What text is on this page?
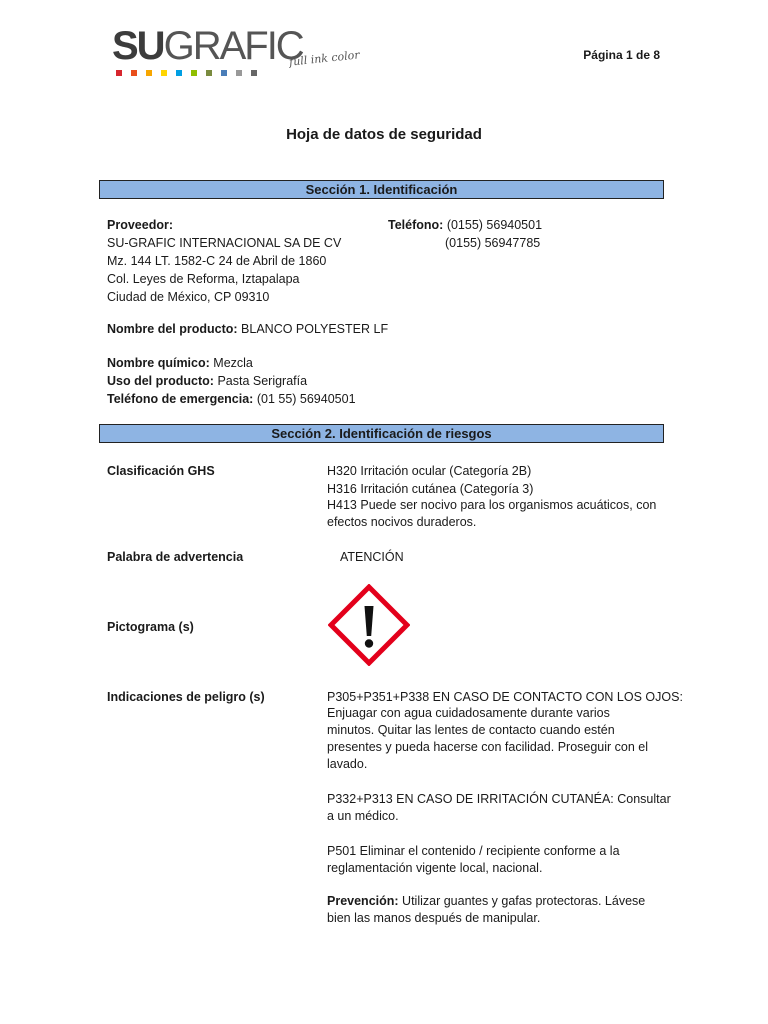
SUGRAFIC
full ink color	Página 1 de 8
Hoja de datos de seguridad
Sección 1. Identificación
Proveedor:
SU-GRAFIC INTERNACIONAL SA DE CV
Mz. 144 LT. 1582-C 24 de Abril de 1860
Col. Leyes de Reforma, Iztapalapa
Ciudad de México, CP 09310
Teléfono: (0155) 56940501
(0155) 56947785
Nombre del producto: BLANCO POLYESTER LF
Nombre químico: Mezcla
Uso del producto: Pasta Serigrafía
Teléfono de emergencia: (01 55) 56940501
Sección 2. Identificación de riesgos
Clasificación GHS	H320 Irritación ocular (Categoría 2B)
H316 Irritación cutánea (Categoría 3)
H413 Puede ser nocivo para los organismos acuáticos, con
efectos nocivos duraderos.
Palabra de advertencia	ATENCIÓN
Pictograma (s)
Indicaciones de peligro (s)	P305+P351+P338 EN CASO DE CONTACTO CON LOS OJOS:
Enjuagar con agua cuidadosamente durante varios
minutos. Quitar las lentes de contacto cuando estén
presentes y pueda hacerse con facilidad. Proseguir con el
lavado.
P332+P313 EN CASO DE IRRITACIÓN CUTANÉA: Consultar
a un médico.
P501 Eliminar el contenido / recipiente conforme a la
reglamentación vigente local, nacional.
Prevención: Utilizar guantes y gafas protectoras. Lávese
bien las manos después de manipular.
